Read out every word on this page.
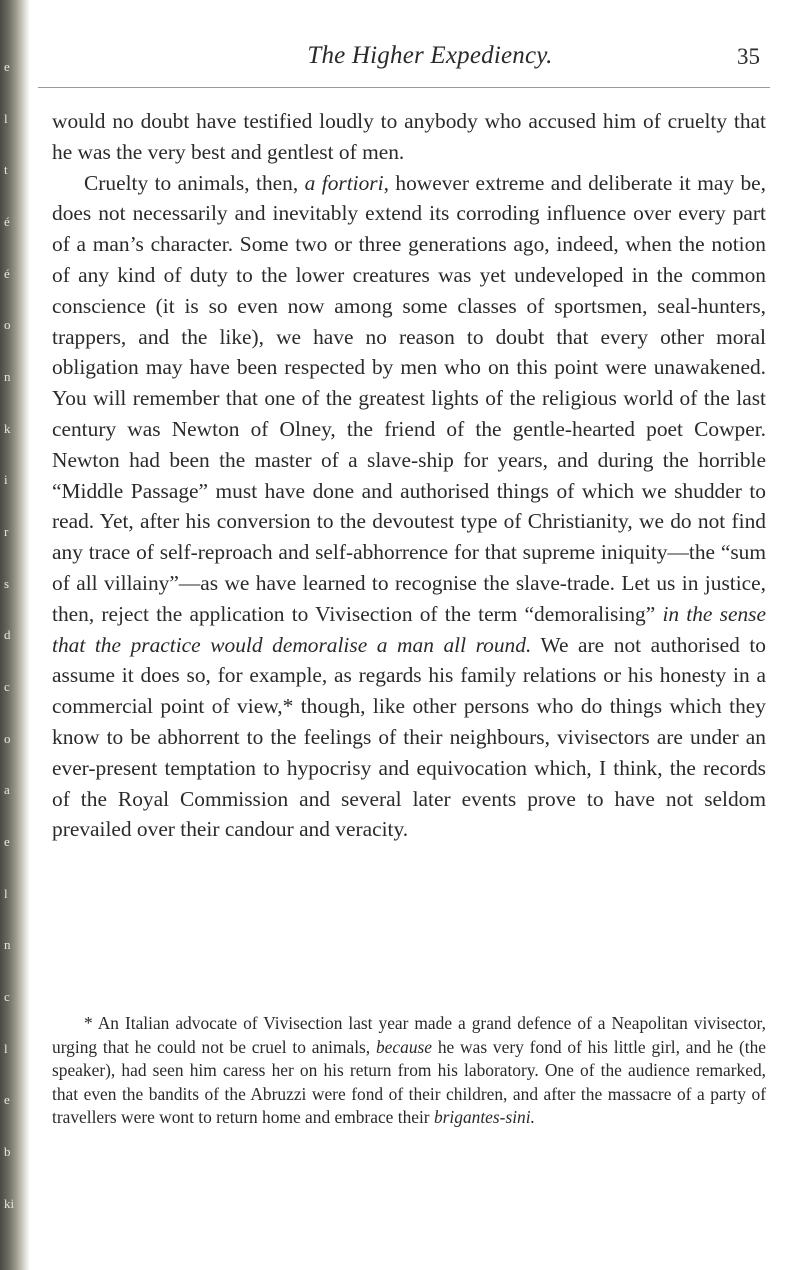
e
l
t
é
é
o
n
k
i
r
s
d
c
o
a
e
l
n
c
l
e
b
ki
The Higher Expediency.	35

would no doubt have testified loudly to anybody who accused him of cruelty that he was the very best and gentlest of men.

Cruelty to animals, then, a fortiori, however extreme and deliberate it may be, does not necessarily and inevitably extend its corroding influence over every part of a man’s character. Some two or three generations ago, indeed, when the notion of any kind of duty to the lower creatures was yet undeveloped in the common conscience (it is so even now among some classes of sportsmen, seal-hunters, trappers, and the like), we have no reason to doubt that every other moral obligation may have been respected by men who on this point were unawakened. You will remember that one of the greatest lights of the religious world of the last century was Newton of Olney, the friend of the gentle-hearted poet Cowper. Newton had been the master of a slave-ship for years, and during the horrible “Middle Passage” must have done and authorised things of which we shudder to read. Yet, after his conversion to the devoutest type of Christianity, we do not find any trace of self-reproach and self-abhorrence for that supreme iniquity—the “sum of all villainy”—as we have learned to recognise the slave-trade. Let us in justice, then, reject the application to Vivisection of the term “demoralising” in the sense that the practice would demoralise a man all round. We are not authorised to assume it does so, for example, as regards his family relations or his honesty in a commercial point of view,* though, like other persons who do things which they know to be abhorrent to the feelings of their neighbours, vivisectors are under an ever-present temptation to hypocrisy and equivocation which, I think, the records of the Royal Commission and several later events prove to have not seldom prevailed over their candour and veracity.

* An Italian advocate of Vivisection last year made a grand defence of a Neapolitan vivisector, urging that he could not be cruel to animals, because he was very fond of his little girl, and he (the speaker), had seen him caress her on his return from his laboratory. One of the audience remarked, that even the bandits of the Abruzzi were fond of their children, and after the massacre of a party of travellers were wont to return home and embrace their brigantes-sini.
